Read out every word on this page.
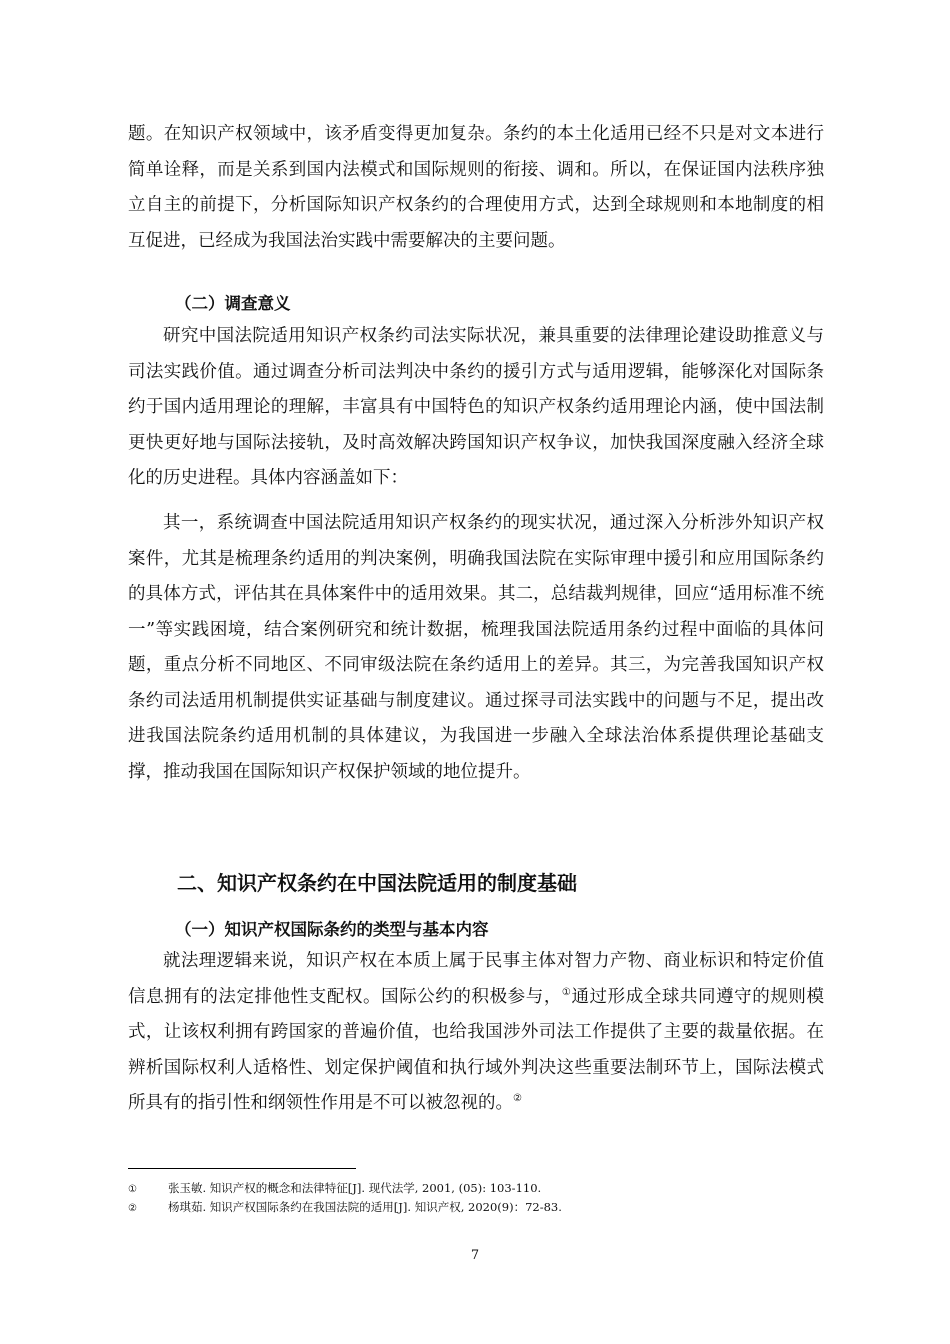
题。在知识产权领域中，该矛盾变得更加复杂。条约的本土化适用已经不只是对文本进行简单诠释，而是关系到国内法模式和国际规则的衔接、调和。所以，在保证国内法秩序独立自主的前提下，分析国际知识产权条约的合理使用方式，达到全球规则和本地制度的相互促进，已经成为我国法治实践中需要解决的主要问题。

（二）调查意义

研究中国法院适用知识产权条约司法实际状况，兼具重要的法律理论建设助推意义与司法实践价值。通过调查分析司法判决中条约的援引方式与适用逻辑，能够深化对国际条约于国内适用理论的理解，丰富具有中国特色的知识产权条约适用理论内涵，使中国法制更快更好地与国际法接轨，及时高效解决跨国知识产权争议，加快我国深度融入经济全球化的历史进程。具体内容涵盖如下：

其一，系统调查中国法院适用知识产权条约的现实状况，通过深入分析涉外知识产权案件，尤其是梳理条约适用的判决案例，明确我国法院在实际审理中援引和应用国际条约的具体方式，评估其在具体案件中的适用效果。其二，总结裁判规律，回应“适用标准不统一”等实践困境，结合案例研究和统计数据，梳理我国法院适用条约过程中面临的具体问题，重点分析不同地区、不同审级法院在条约适用上的差异。其三，为完善我国知识产权条约司法适用机制提供实证基础与制度建议。通过探寻司法实践中的问题与不足，提出改进我国法院条约适用机制的具体建议，为我国进一步融入全球法治体系提供理论基础支撑，推动我国在国际知识产权保护领域的地位提升。

二、知识产权条约在中国法院适用的制度基础
（一）知识产权国际条约的类型与基本内容

就法理逻辑来说，知识产权在本质上属于民事主体对智力产物、商业标识和特定价值信息拥有的法定排他性支配权。国际公约的积极参与，①通过形成全球共同遵守的规则模式，让该权利拥有跨国家的普遍价值，也给我国涉外司法工作提供了主要的裁量依据。在辨析国际权利人适格性、划定保护阈值和执行域外判决这些重要法制环节上，国际法模式所具有的指引性和纲领性作用是不可以被忽视的。②

①	张玉敏. 知识产权的概念和法律特征[J]. 现代法学, 2001, (05): 103-110.
②	杨琪茹. 知识产权国际条约在我国法院的适用[J]. 知识产权, 2020(9)：72-83.
7
